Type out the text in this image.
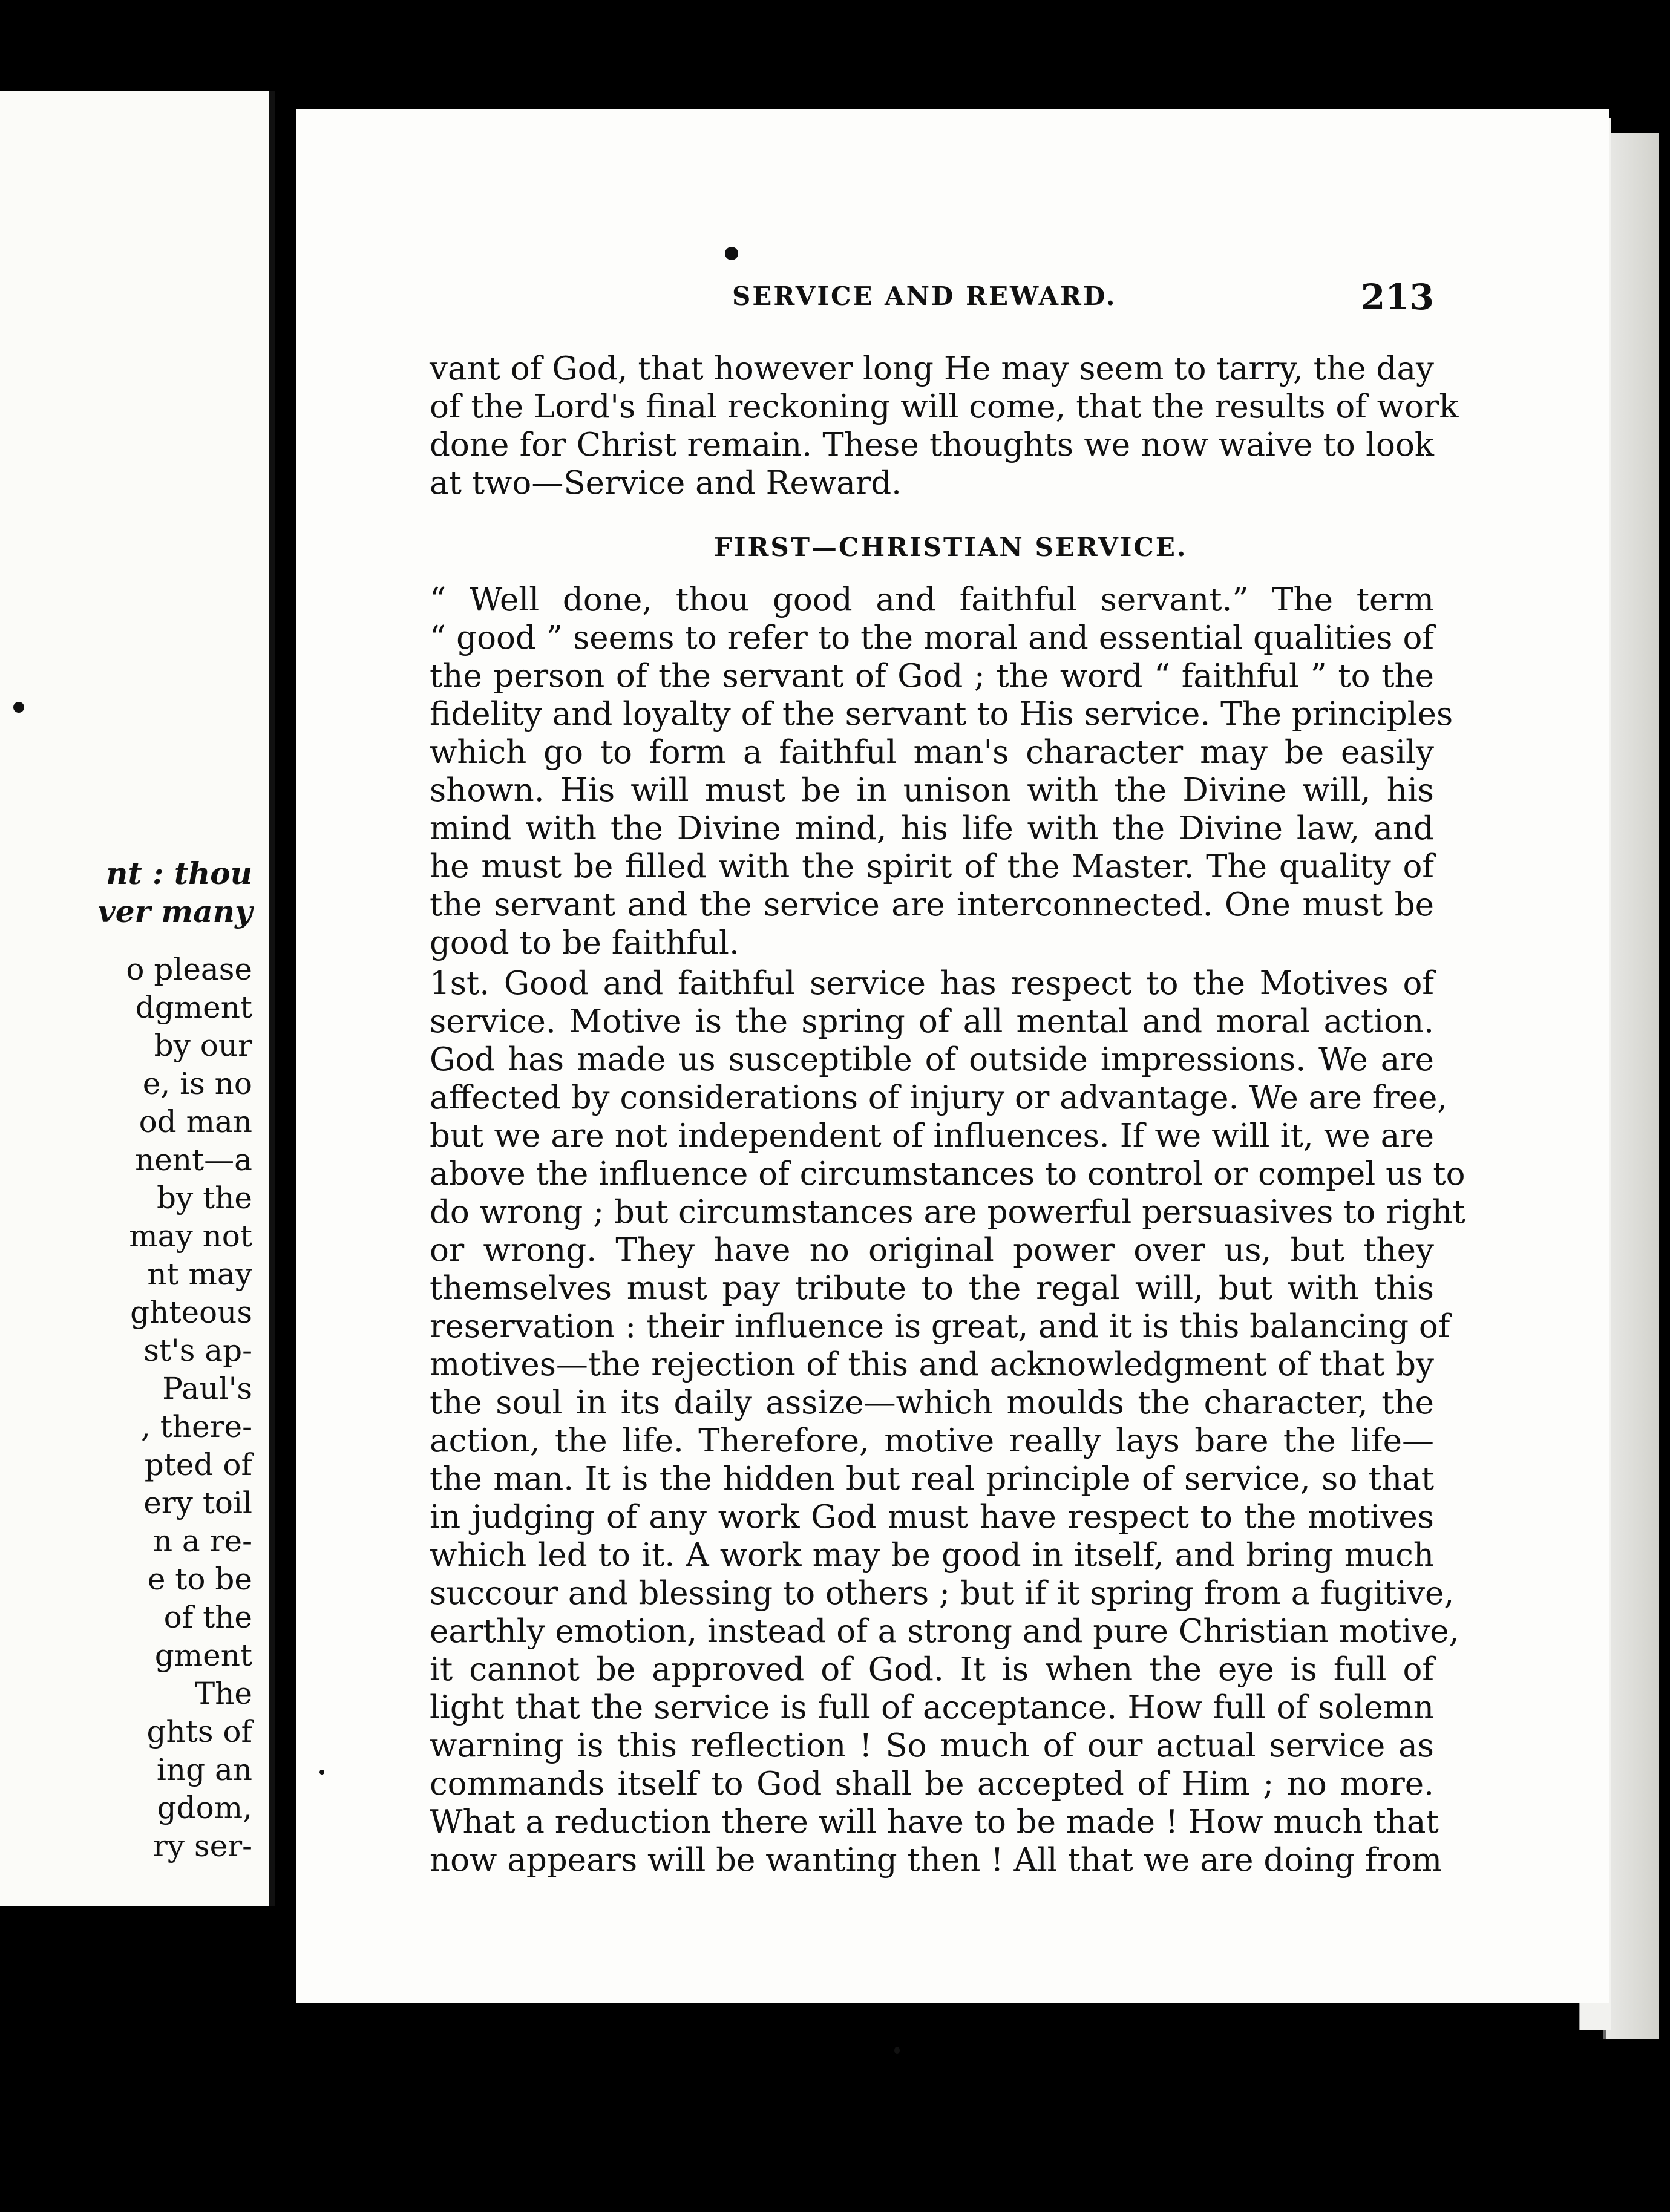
nt : thou
ver many
o please
dgment
by our
e, is no
od man
nent—a
by the
may not
nt may
ghteous
st's ap-
Paul's
, there-
pted of
ery toil
n a re-
e to be
of the
gment
The
ghts of
ing an
gdom,
ry ser-
SERVICE AND REWARD.	213
vant of God, that however long He may seem to tarry, the day
of the Lord's final reckoning will come, that the results of work
done for Christ remain. These thoughts we now waive to look
at two—Service and Reward.
FIRST—CHRISTIAN SERVICE.
“ Well done, thou good and faithful servant.” The term
“ good ” seems to refer to the moral and essential qualities of
the person of the servant of God ; the word “ faithful ” to the
fidelity and loyalty of the servant to His service. The principles
which go to form a faithful man's character may be easily
shown. His will must be in unison with the Divine will, his
mind with the Divine mind, his life with the Divine law, and
he must be filled with the spirit of the Master. The quality of
the servant and the service are interconnected. One must be
good to be faithful.
1st. Good and faithful service has respect to the Motives of
service. Motive is the spring of all mental and moral action.
God has made us susceptible of outside impressions. We are
affected by considerations of injury or advantage. We are free,
but we are not independent of influences. If we will it, we are
above the influence of circumstances to control or compel us to
do wrong ; but circumstances are powerful persuasives to right
or wrong. They have no original power over us, but they
themselves must pay tribute to the regal will, but with this
reservation : their influence is great, and it is this balancing of
motives—the rejection of this and acknowledgment of that by
the soul in its daily assize—which moulds the character, the
action, the life. Therefore, motive really lays bare the life—
the man. It is the hidden but real principle of service, so that
in judging of any work God must have respect to the motives
which led to it. A work may be good in itself, and bring much
succour and blessing to others ; but if it spring from a fugitive,
earthly emotion, instead of a strong and pure Christian motive,
it cannot be approved of God. It is when the eye is full of
light that the service is full of acceptance. How full of solemn
warning is this reflection ! So much of our actual service as
commands itself to God shall be accepted of Him ; no more.
What a reduction there will have to be made ! How much that
now appears will be wanting then ! All that we are doing from
